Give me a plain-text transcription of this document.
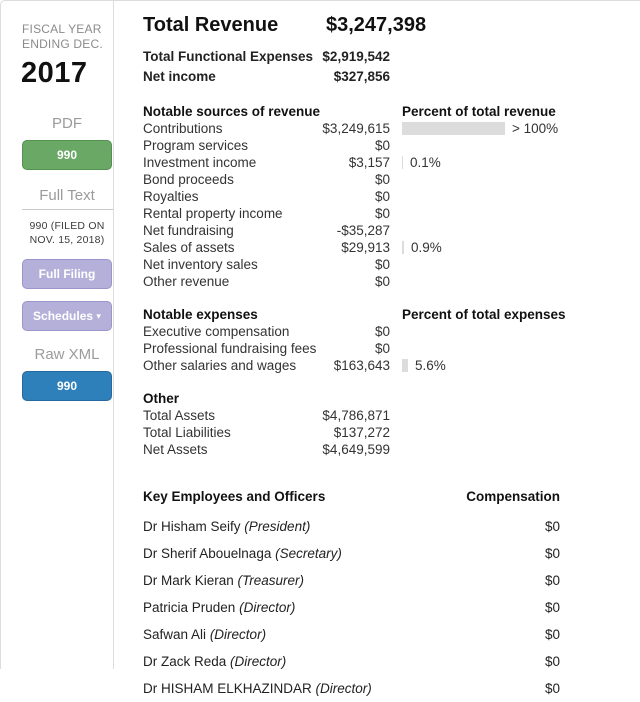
FISCAL YEAR ENDING DEC.
2017
PDF
990
Full Text
990 (FILED ON
NOV. 15, 2018)
Full Filing
Schedules ▾
Raw XML
990
Total Revenue	$3,247,398
Total Functional Expenses $2,919,542
Net income	$327,856
Notable sources of revenue	Percent of total revenue
Contributions	$3,249,615	> 100%
Program services	$0
Investment income	$3,157 0.1%
Bond proceeds	$0
Royalties	$0
Rental property income	$0
Net fundraising	-$35,287
Sales of assets	$29,913 0.9%
Net inventory sales	$0
Other revenue	$0
Notable expenses	Percent of total expenses
Executive compensation	$0
Professional fundraising fees	$0
Other salaries and wages	$163,643 5.6%
Other
Total Assets	$4,786,871
Total Liabilities	$137,272
Net Assets	$4,649,599
Key Employees and Officers	Compensation
Dr Hisham Seify (President)	$0
Dr Sherif Abouelnaga (Secretary)	$0
Dr Mark Kieran (Treasurer)	$0
Patricia Pruden (Director)	$0
Safwan Ali (Director)	$0
Dr Zack Reda (Director)	$0
Dr HISHAM ELKHAZINDAR (Director)	$0
